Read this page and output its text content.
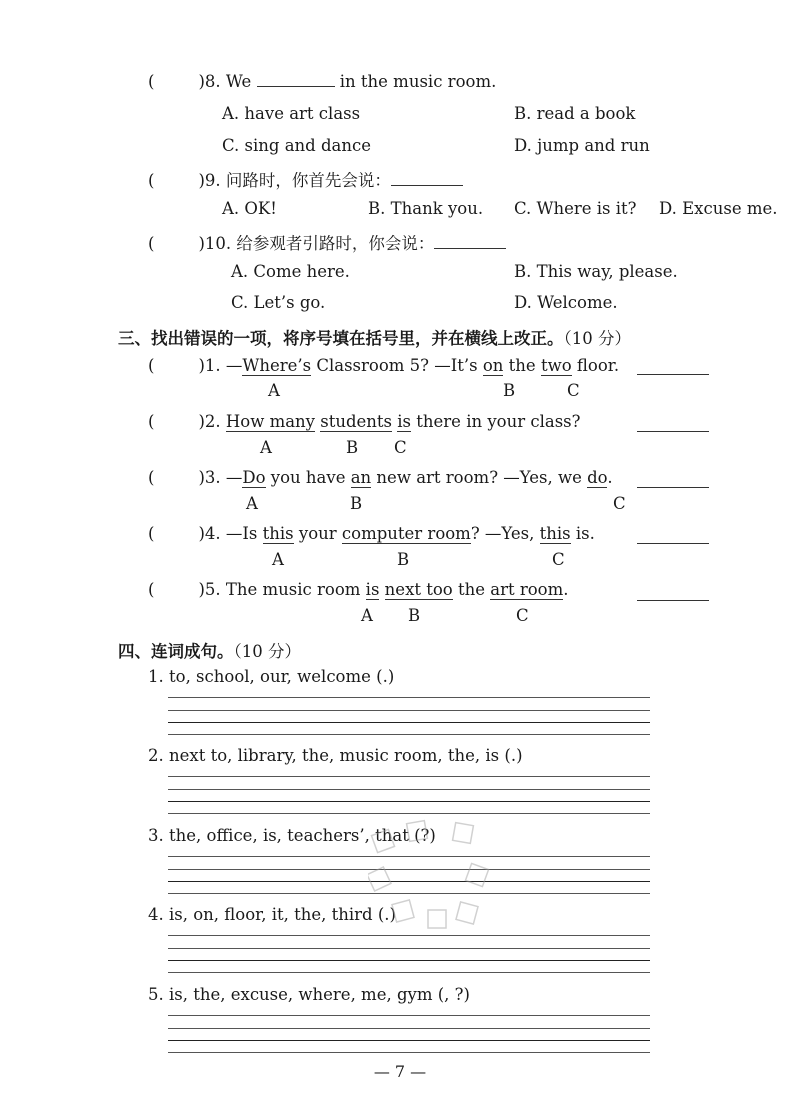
(	)8. We	in the music room.
A. have art class	B. read a book
C. sing and dance	D. jump and run
(	)9. 问路时，你首先会说：
A. OK!	B. Thank you. C. Where is it? D. Excuse me.
(	)10. 给参观者引路时，你会说：
A. Come here.	B. This way, please.
C. Let’s go.	D. Welcome.
三、找出错误的一项，将序号填在括号里，并在横线上改正。（10 分）
(	)1. —Where’s Classroom 5? —It’s on the two floor.
A	B	C
(	)2. How many students is there in your class?
A	B C
(	)3. —Do you have an new art room? —Yes, we do.
A	B	C
(	)4. —Is this your computer room? —Yes, this is.
A	B	C
(	)5. The music room is next too the art room.
A B	C
四、连词成句。（10 分）
1. to, school, our, welcome (.)
2. next to, library, the, music room, the, is (.)
3. the, office, is, teachers’, that (?)
4. is, on, floor, it, the, third (.)
5. is, the, excuse, where, me, gym (, ?)
— 7 —
